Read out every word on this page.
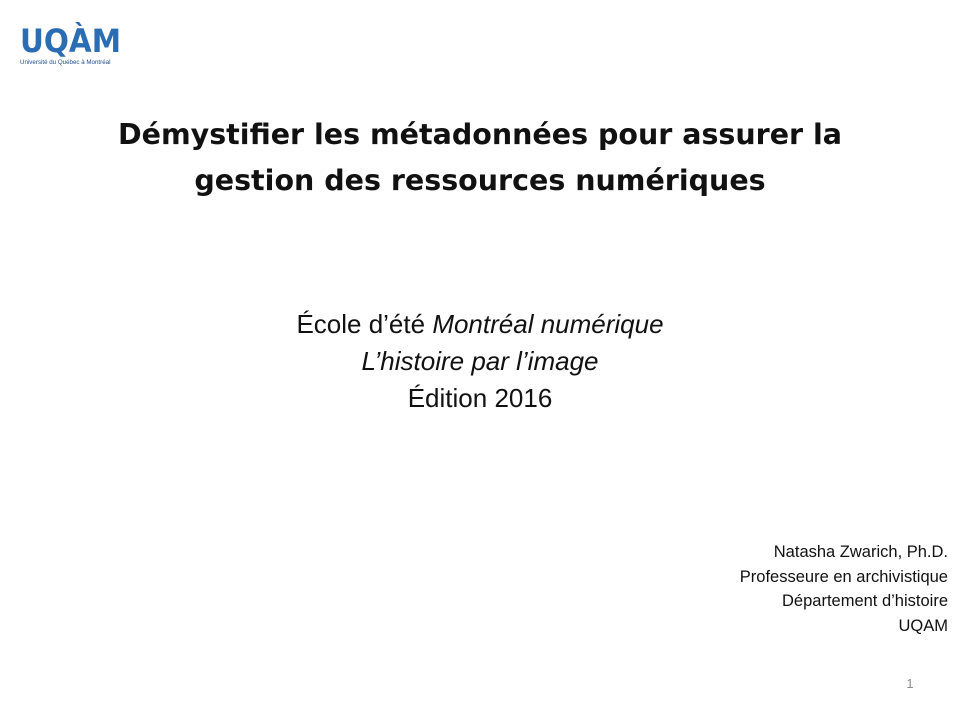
UQÀM
Université du Québec à Montréal
Démystifier les métadonnées pour assurer la
gestion des ressources numériques
École d’été Montréal numérique
L’histoire par l’image
Édition 2016
Natasha Zwarich, Ph.D.
Professeure en archivistique
Département d’histoire
UQAM
1
